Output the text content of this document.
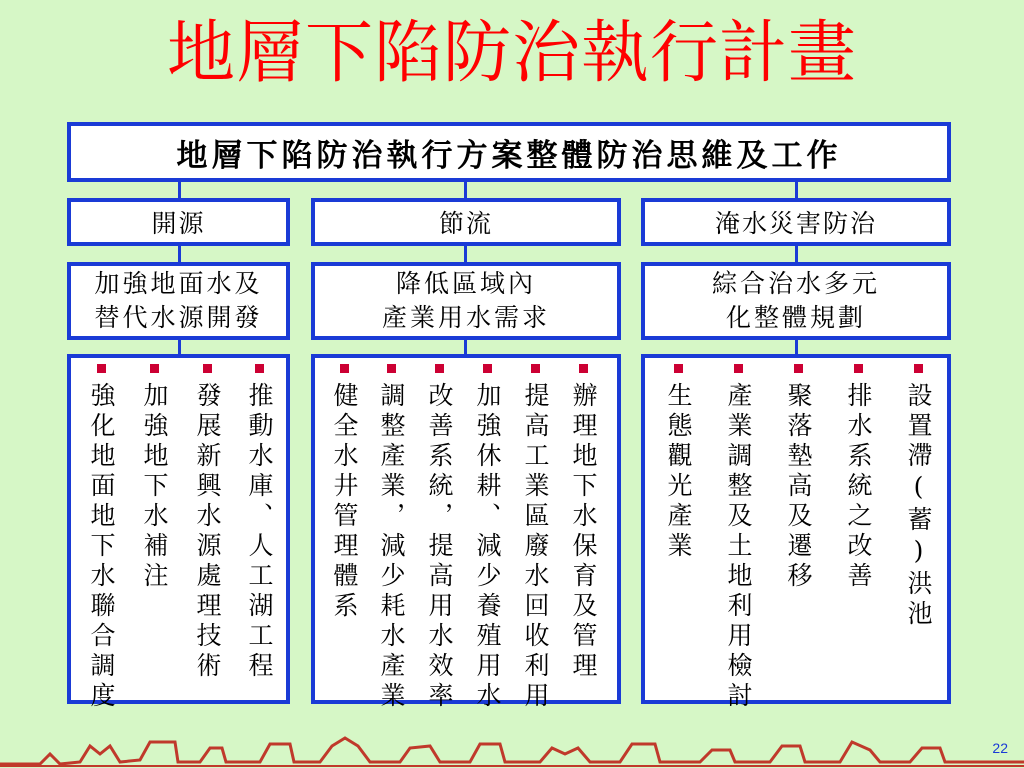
地層下陷防治執行計畫
地層下陷防治執行方案整體防治思維及工作
開源	節流	淹水災害防治
加強地面水及
替代水源開發
降低區域內
產業用水需求
綜合治水多元
化整體規劃
強化地面地下水聯合調度 加強地下水補注 發展新興水源處理技術 推動水庫、人工湖工程 健全水井管理體系 調整產業，減少耗水產業 改善系統，提高用水效率 加強休耕、減少養殖用水 提高工業區廢水回收利用 辦理地下水保育及管理	生態觀光產業 產業調整及土地利用檢討 聚落墊高及遷移 排水系統之改善 設置滯(蓄)洪池
22
